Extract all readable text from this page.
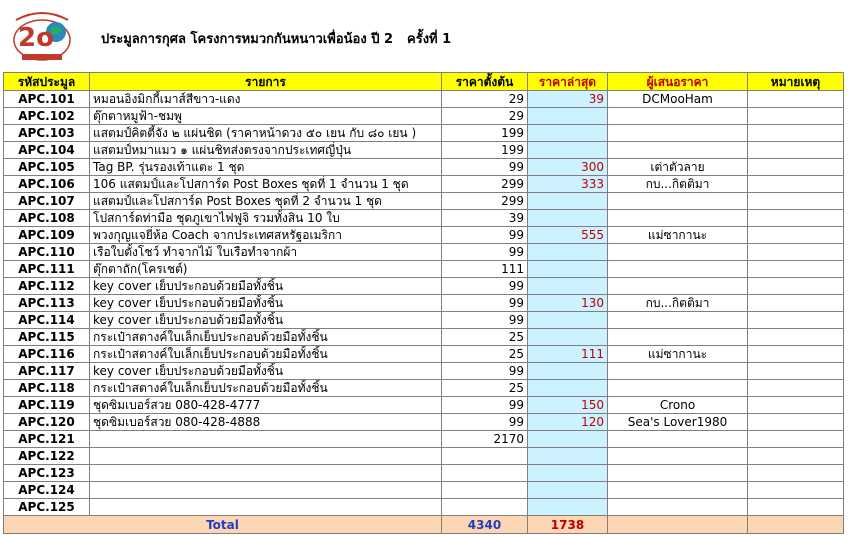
2o	ประมูลการกุศล โครงการหมวกกันหนาวเพื่อน้อง ปี 2 ครั้งที่ 1
รหัสประมูล	รายการ	ราคาตั้งต้น	ราคาล่าสุด	ผู้เสนอราคา	หมายเหตุ
APC.101	หมอนอิงมิกกี้เมาส์สีขาว-แดง	29	39	DCMooHam	
APC.102	ตุ๊กตาหมูฟ้า-ชมพู	29			
APC.103	แสตมป์คิตตี้จัง ๒ แผ่นชิด (ราคาหน้าดวง ๕๐ เยน กับ ๘๐ เยน )	199			
APC.104	แสตมป์หมาแมว ๑ แผ่นชิทส่งตรงจากประเทศญี่ปุ่น	199			
APC.105	Tag BP. รุ่นรองเท้าแตะ 1 ชุด	99	300	เต่าตัวลาย	
APC.106	106 แสตมป์และโปสการ์ด Post Boxes ชุดที่ 1 จำนวน 1 ชุด	299	333	กบ...กิตติมา	
APC.107	แสตมป์และโปสการ์ด Post Boxes ชุดที่ 2 จำนวน 1 ชุด	299			
APC.108	โปสการ์ดท่ามือ ชุดภูเขาไฟฟูจิ รวมทั้งสิน 10 ใบ	39			
APC.109	พวงกุญแจยี่ห้อ Coach จากประเทศสหรัฐอเมริกา	99	555	แม่ซากานะ	
APC.110	เรือใบตั้งโชว์ ทำจากไม้ ใบเรือทำจากผ้า	99			
APC.111	ตุ๊กตาถัก(โครเชต์)	111			
APC.112	key cover เย็บประกอบด้วยมือทั้งชิ้น	99			
APC.113	key cover เย็บประกอบด้วยมือทั้งชิ้น	99	130	กบ...กิตติมา	
APC.114	key cover เย็บประกอบด้วยมือทั้งชิ้น	99			
APC.115	กระเป๋าสตางค์ใบเล็กเย็บประกอบด้วยมือทั้งชิ้น	25			
APC.116	กระเป๋าสตางค์ใบเล็กเย็บประกอบด้วยมือทั้งชิ้น	25	111	แม่ซากานะ	
APC.117	key cover เย็บประกอบด้วยมือทั้งชิ้น	99			
APC.118	กระเป๋าสตางค์ใบเล็กเย็บประกอบด้วยมือทั้งชิ้น	25			
APC.119	ชุดซิมเบอร์สวย 080-428-4777	99	150	Crono	
APC.120	ชุดซิมเบอร์สวย 080-428-4888	99	120	Sea's Lover1980	
APC.121		2170			
APC.122					
APC.123					
APC.124					
APC.125					
Total		4340	1738		
